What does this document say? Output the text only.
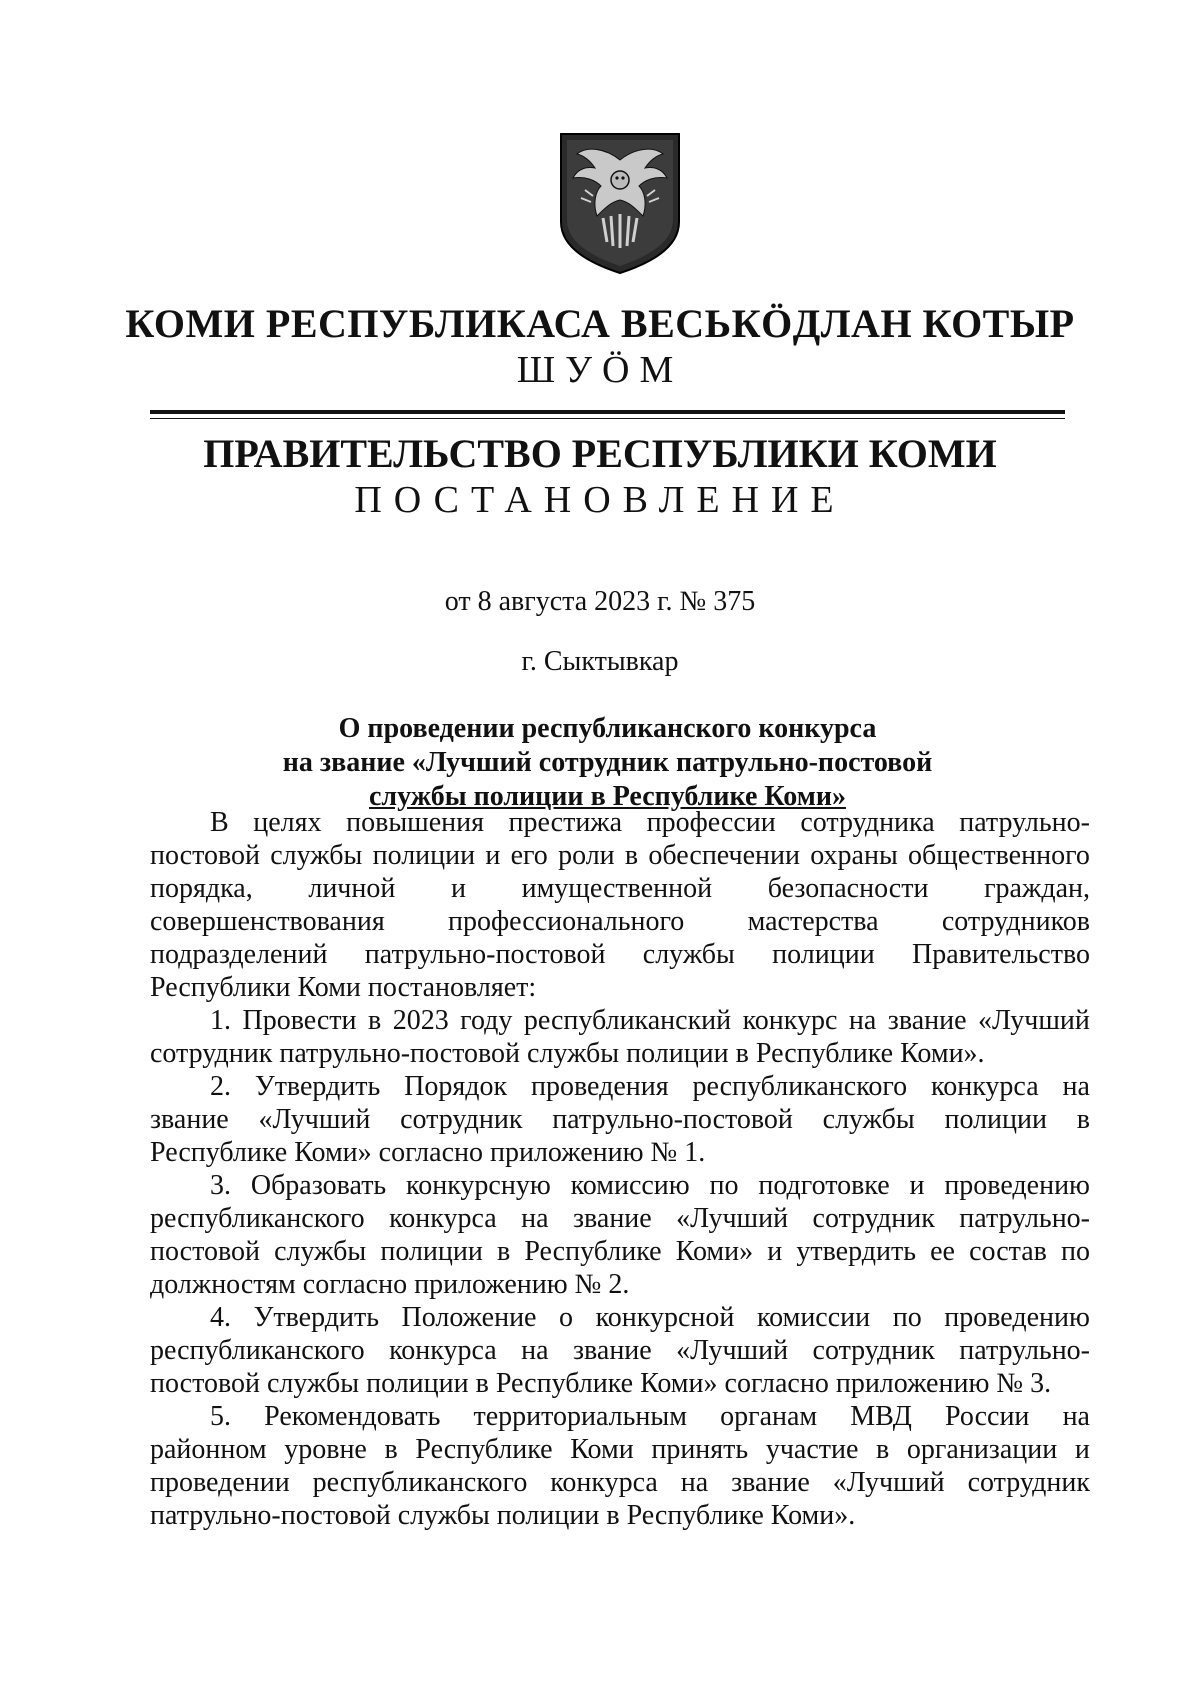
КОМИ РЕСПУБЛИКАСА ВЕСЬКӦДЛАН КОТЫР
ШУӦМ
ПРАВИТЕЛЬСТВО РЕСПУБЛИКИ КОМИ
ПОСТАНОВЛЕНИЕ
от 8 августа 2023 г. № 375
г. Сыктывкар
О проведении республиканского конкурса
на звание «Лучший сотрудник патрульно-постовой
службы полиции в Республике Коми»
В целях повышения престижа профессии сотрудника патрульно-
постовой службы полиции и его роли в обеспечении охраны общественного
порядка, личной и имущественной безопасности граждан,
совершенствования профессионального мастерства сотрудников
подразделений патрульно-постовой службы полиции Правительство
Республики Коми постановляет:
1. Провести в 2023 году республиканский конкурс на звание «Лучший
сотрудник патрульно-постовой службы полиции в Республике Коми».
2. Утвердить Порядок проведения республиканского конкурса на
звание «Лучший сотрудник патрульно-постовой службы полиции в
Республике Коми» согласно приложению № 1.
3. Образовать конкурсную комиссию по подготовке и проведению
республиканского конкурса на звание «Лучший сотрудник патрульно-
постовой службы полиции в Республике Коми» и утвердить ее состав по
должностям согласно приложению № 2.
4. Утвердить Положение о конкурсной комиссии по проведению
республиканского конкурса на звание «Лучший сотрудник патрульно-
постовой службы полиции в Республике Коми» согласно приложению № 3.
5. Рекомендовать территориальным органам МВД России на
районном уровне в Республике Коми принять участие в организации и
проведении республиканского конкурса на звание «Лучший сотрудник
патрульно-постовой службы полиции в Республике Коми».
